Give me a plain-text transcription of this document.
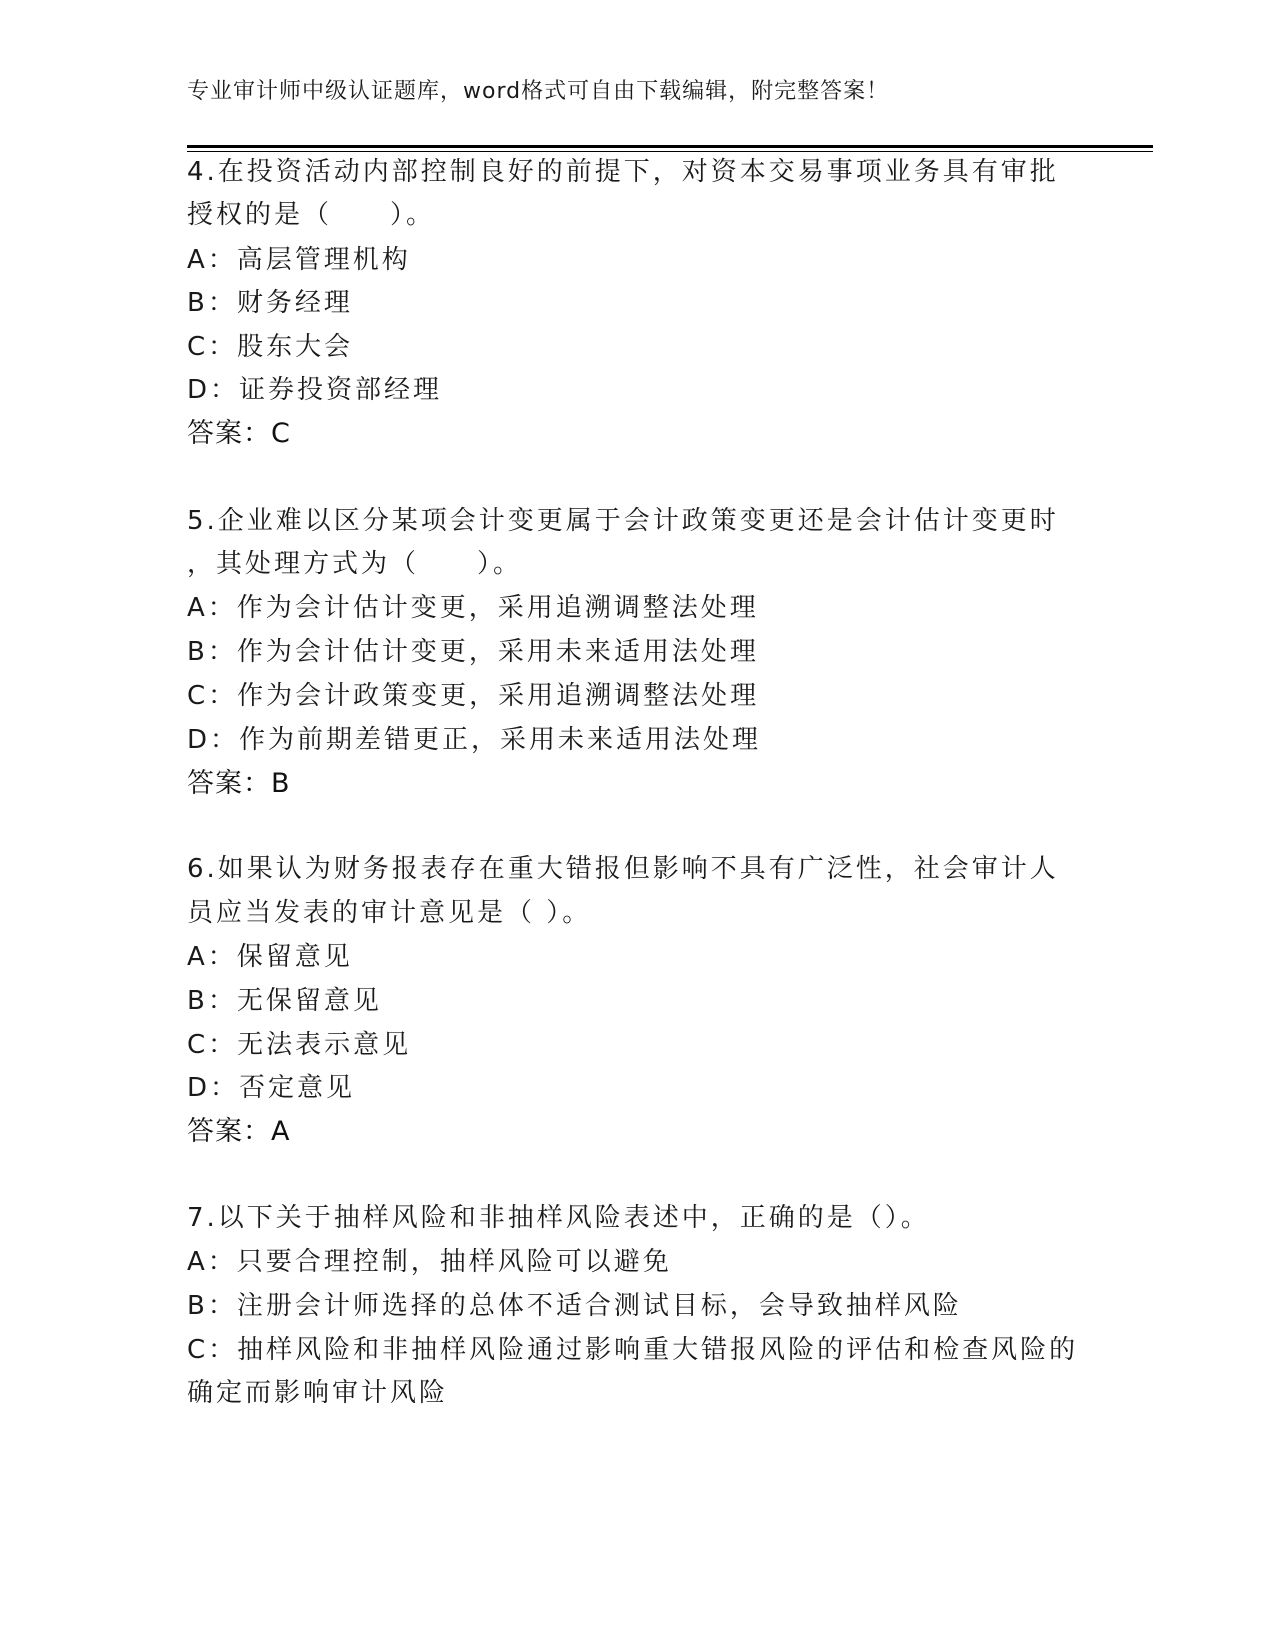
专业审计师中级认证题库，word格式可自由下载编辑，附完整答案！
4.在投资活动内部控制良好的前提下，对资本交易事项业务具有审批
授权的是（　　）。
A：高层管理机构
B：财务经理
C：股东大会
D：证券投资部经理
答案：C
5.企业难以区分某项会计变更属于会计政策变更还是会计估计变更时
，其处理方式为（　　）。
A：作为会计估计变更，采用追溯调整法处理
B：作为会计估计变更，采用未来适用法处理
C：作为会计政策变更，采用追溯调整法处理
D：作为前期差错更正，采用未来适用法处理
答案：B
6.如果认为财务报表存在重大错报但影响不具有广泛性，社会审计人
员应当发表的审计意见是（ ）。
A：保留意见
B：无保留意见
C：无法表示意见
D：否定意见
答案：A
7.以下关于抽样风险和非抽样风险表述中，正确的是（）。
A：只要合理控制，抽样风险可以避免
B：注册会计师选择的总体不适合测试目标，会导致抽样风险
C：抽样风险和非抽样风险通过影响重大错报风险的评估和检查风险的
确定而影响审计风险
